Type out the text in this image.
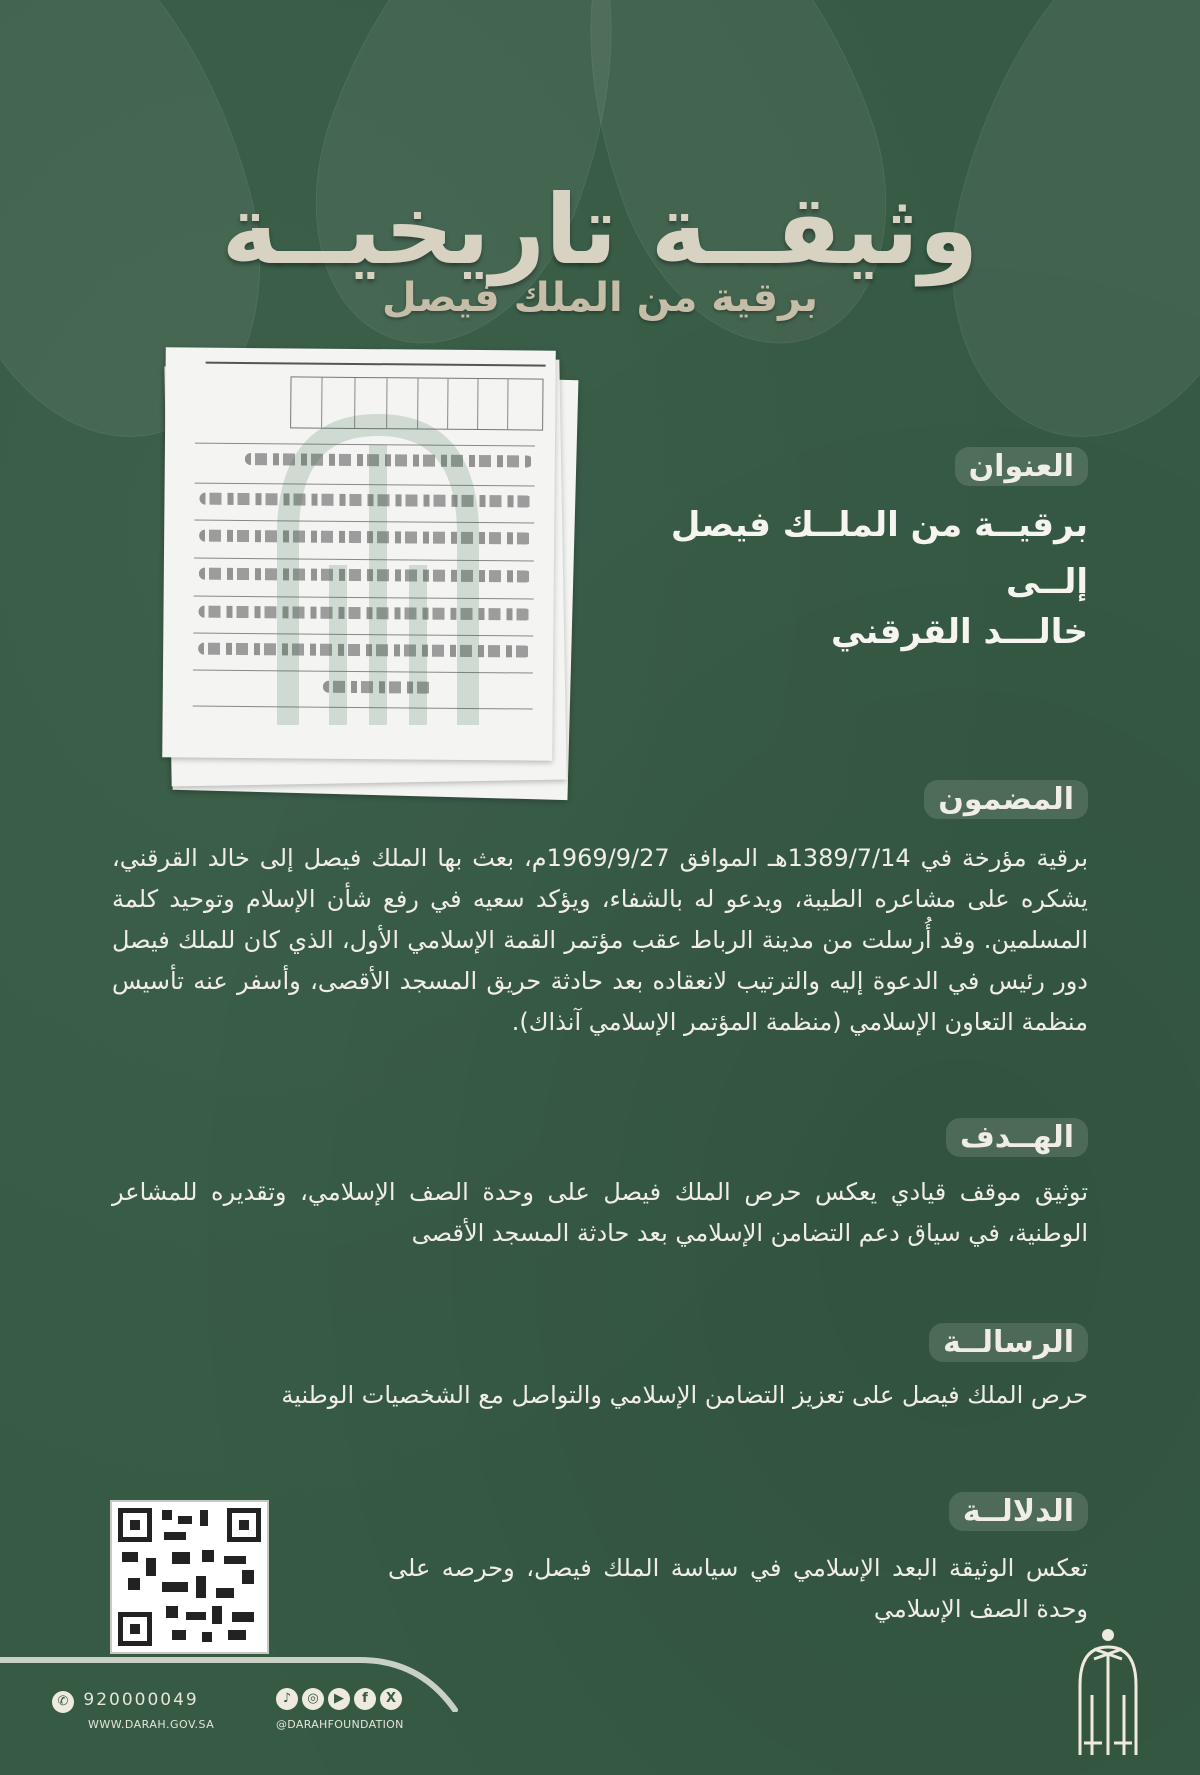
وثيقــة تاريخيــة
برقية من الملك فيصل
العنوان
برقيــة من الملــك فيصل
إلــى
خالـــد القرقني
المضمون
برقية مؤرخة في 1389/7/14هـ الموافق 1969/9/27م، بعث بها الملك فيصل إلى خالد القرقني، يشكره على مشاعره الطيبة، ويدعو له بالشفاء، ويؤكد سعيه في رفع شأن الإسلام وتوحيد كلمة المسلمين. وقد أُرسلت من مدينة الرباط عقب مؤتمر القمة الإسلامي الأول، الذي كان للملك فيصل دور رئيس في الدعوة إليه والترتيب لانعقاده بعد حادثة حريق المسجد الأقصى، وأسفر عنه تأسيس منظمة التعاون الإسلامي (منظمة المؤتمر الإسلامي آنذاك).
الهــدف
توثيق موقف قيادي يعكس حرص الملك فيصل على وحدة الصف الإسلامي، وتقديره للمشاعر الوطنية، في سياق دعم التضامن الإسلامي بعد حادثة المسجد الأقصى
الرسالــة
حرص الملك فيصل على تعزيز التضامن الإسلامي والتواصل مع الشخصيات الوطنية
الدلالــة
تعكس الوثيقة البعد الإسلامي في سياسة الملك فيصل، وحرصه على وحدة الصف الإسلامي
✆ 920000049
WWW.DARAH.GOV.SA
♪ ◎ ▶ f X
@DARAHFOUNDATION
